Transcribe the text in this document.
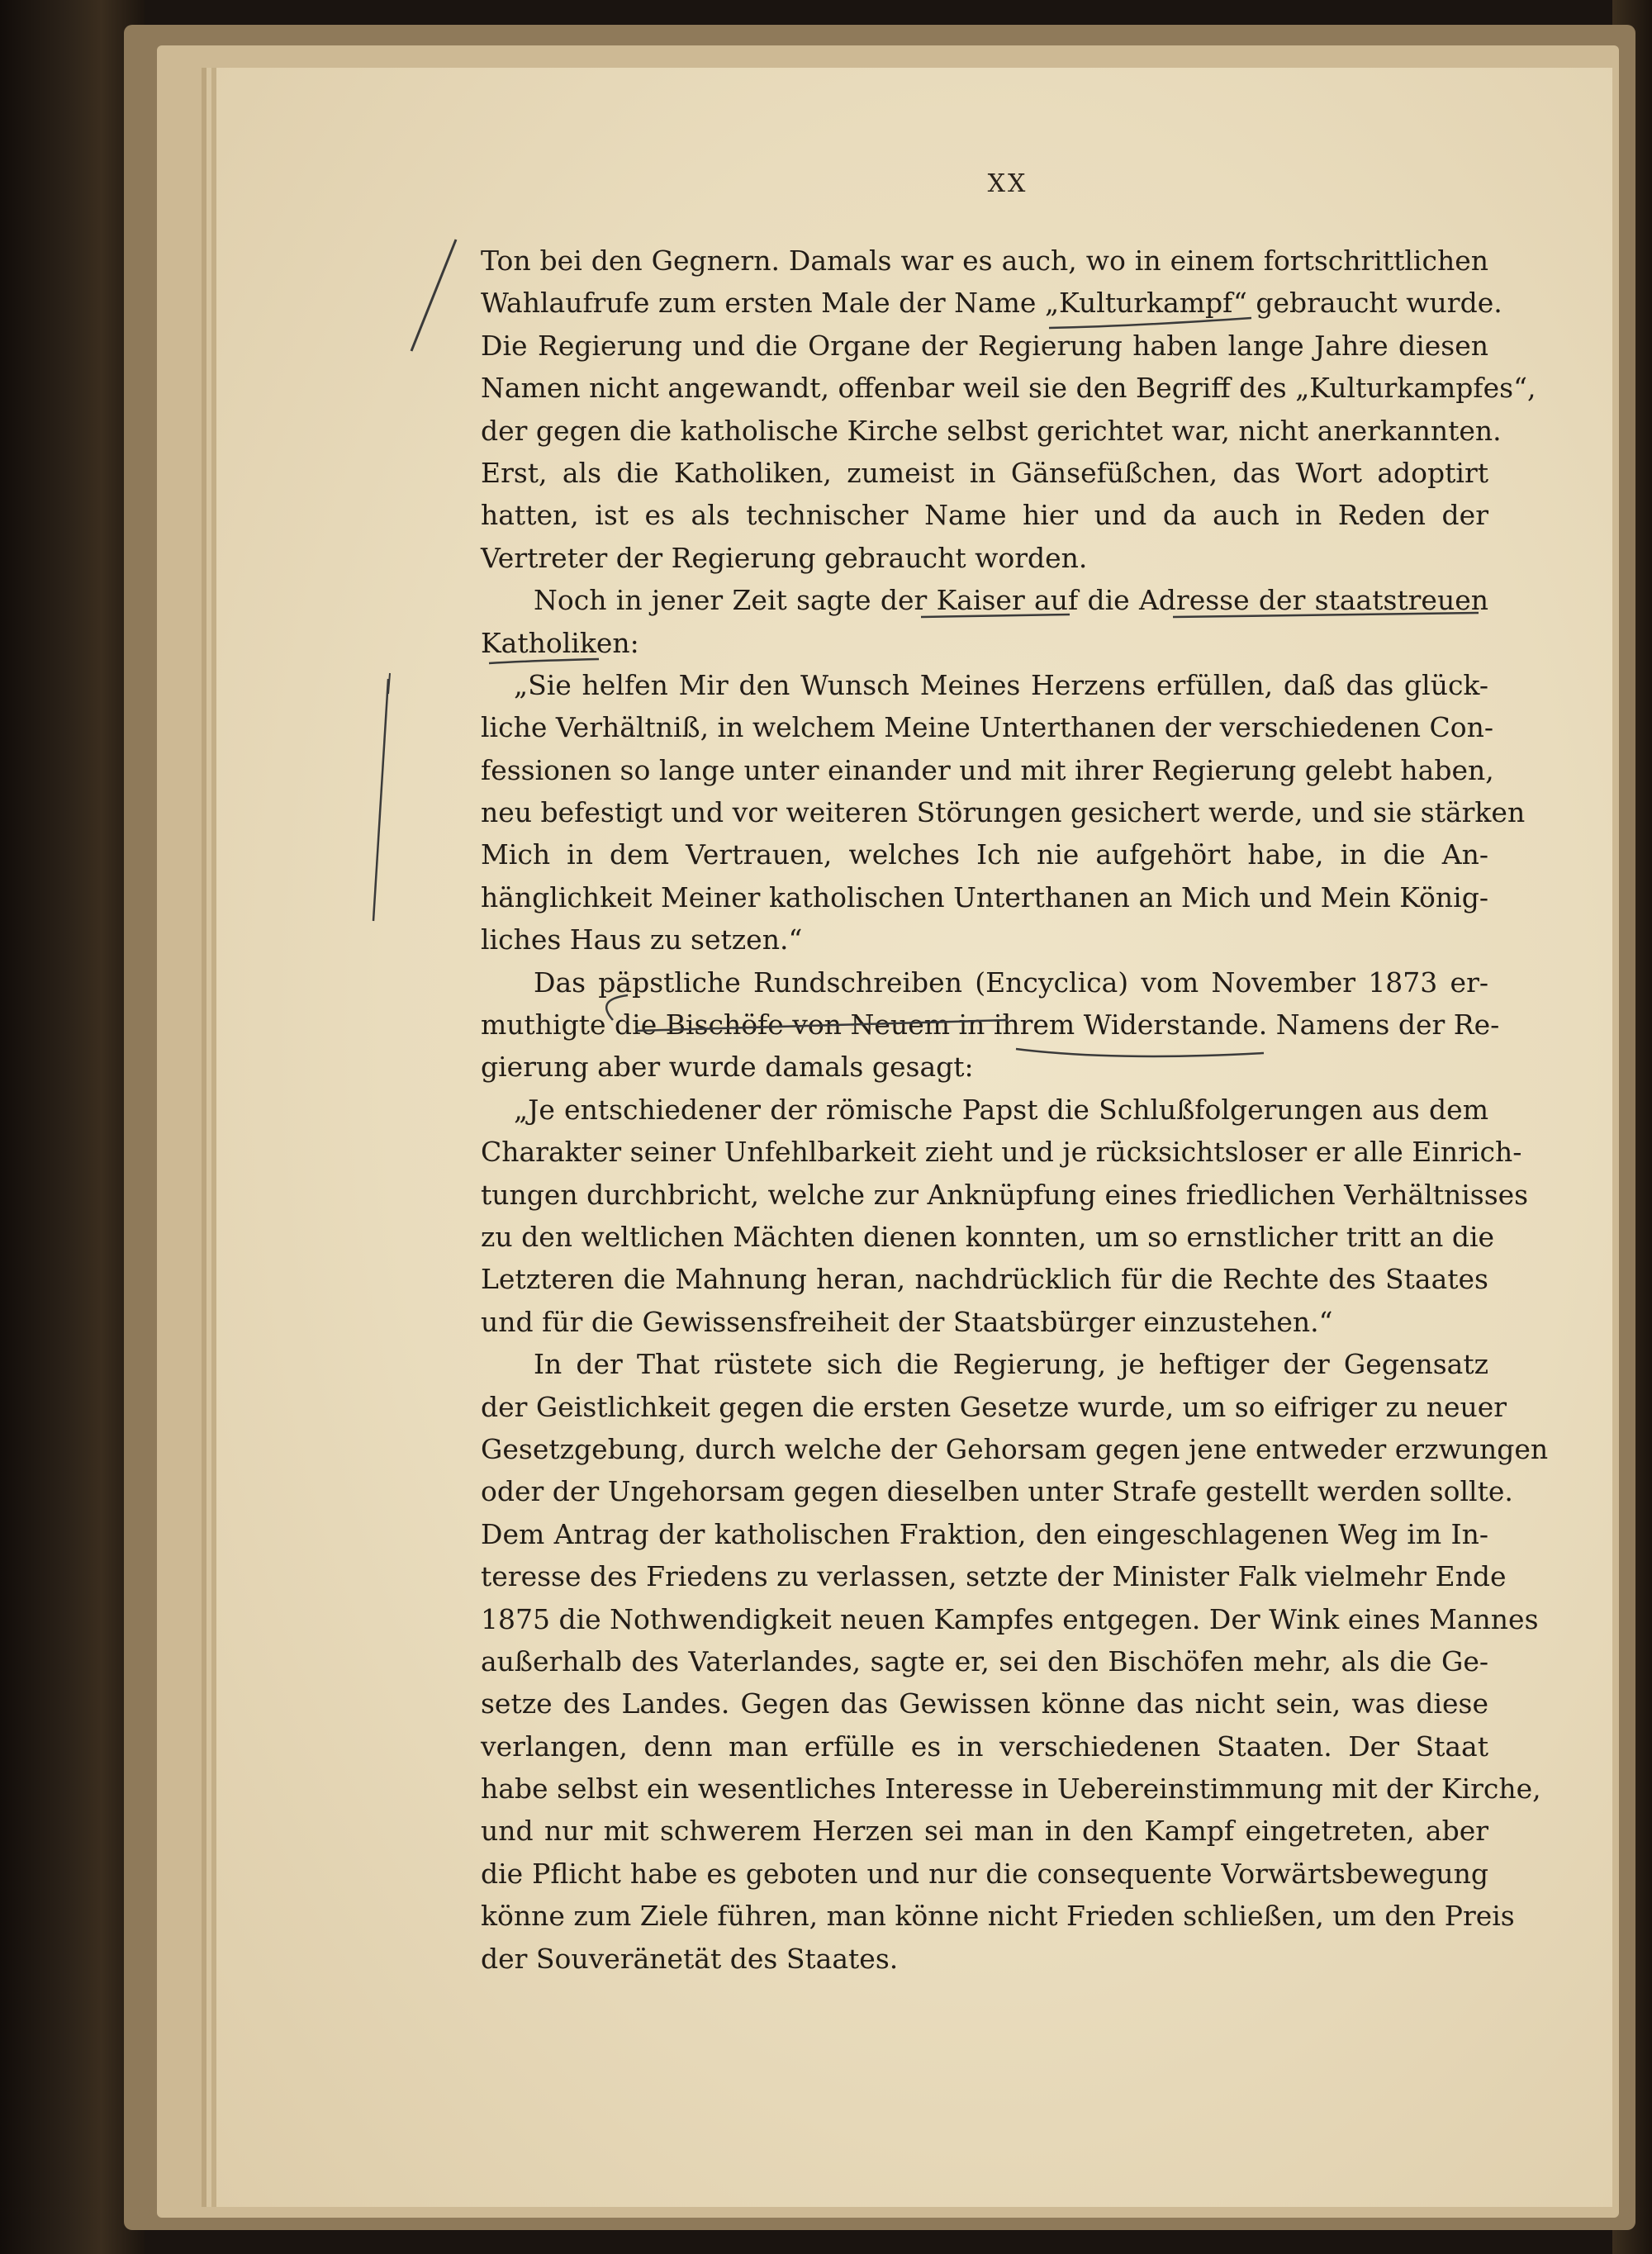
XX
Ton bei den Gegnern. Damals war es auch, wo in einem fortschrittlichen
Wahlaufrufe zum ersten Male der Name „Kulturkampf“ gebraucht wurde.
Die Regierung und die Organe der Regierung haben lange Jahre diesen
Namen nicht angewandt, offenbar weil sie den Begriff des „Kulturkampfes“,
der gegen die katholische Kirche selbst gerichtet war, nicht anerkannten.
Erst, als die Katholiken, zumeist in Gänsefüßchen, das Wort adoptirt
hatten, ist es als technischer Name hier und da auch in Reden der
Vertreter der Regierung gebraucht worden.
Noch in jener Zeit sagte der Kaiser auf die Adresse der staatstreuen
Katholiken:
„Sie helfen Mir den Wunsch Meines Herzens erfüllen, daß das glück-
liche Verhältniß, in welchem Meine Unterthanen der verschiedenen Con-
fessionen so lange unter einander und mit ihrer Regierung gelebt haben,
neu befestigt und vor weiteren Störungen gesichert werde, und sie stärken
Mich in dem Vertrauen, welches Ich nie aufgehört habe, in die An-
hänglichkeit Meiner katholischen Unterthanen an Mich und Mein König-
liches Haus zu setzen.“
Das päpstliche Rundschreiben (Encyclica) vom November 1873 er-
muthigte die Bischöfe von Neuem in ihrem Widerstande. Namens der Re-
gierung aber wurde damals gesagt:
„Je entschiedener der römische Papst die Schlußfolgerungen aus dem
Charakter seiner Unfehlbarkeit zieht und je rücksichtsloser er alle Einrich-
tungen durchbricht, welche zur Anknüpfung eines friedlichen Verhältnisses
zu den weltlichen Mächten dienen konnten, um so ernstlicher tritt an die
Letzteren die Mahnung heran, nachdrücklich für die Rechte des Staates
und für die Gewissensfreiheit der Staatsbürger einzustehen.“
In der That rüstete sich die Regierung, je heftiger der Gegensatz
der Geistlichkeit gegen die ersten Gesetze wurde, um so eifriger zu neuer
Gesetzgebung, durch welche der Gehorsam gegen jene entweder erzwungen
oder der Ungehorsam gegen dieselben unter Strafe gestellt werden sollte.
Dem Antrag der katholischen Fraktion, den eingeschlagenen Weg im In-
teresse des Friedens zu verlassen, setzte der Minister Falk vielmehr Ende
1875 die Nothwendigkeit neuen Kampfes entgegen. Der Wink eines Mannes
außerhalb des Vaterlandes, sagte er, sei den Bischöfen mehr, als die Ge-
setze des Landes. Gegen das Gewissen könne das nicht sein, was diese
verlangen, denn man erfülle es in verschiedenen Staaten. Der Staat
habe selbst ein wesentliches Interesse in Uebereinstimmung mit der Kirche,
und nur mit schwerem Herzen sei man in den Kampf eingetreten, aber
die Pflicht habe es geboten und nur die consequente Vorwärtsbewegung
könne zum Ziele führen, man könne nicht Frieden schließen, um den Preis
der Souveränetät des Staates.
